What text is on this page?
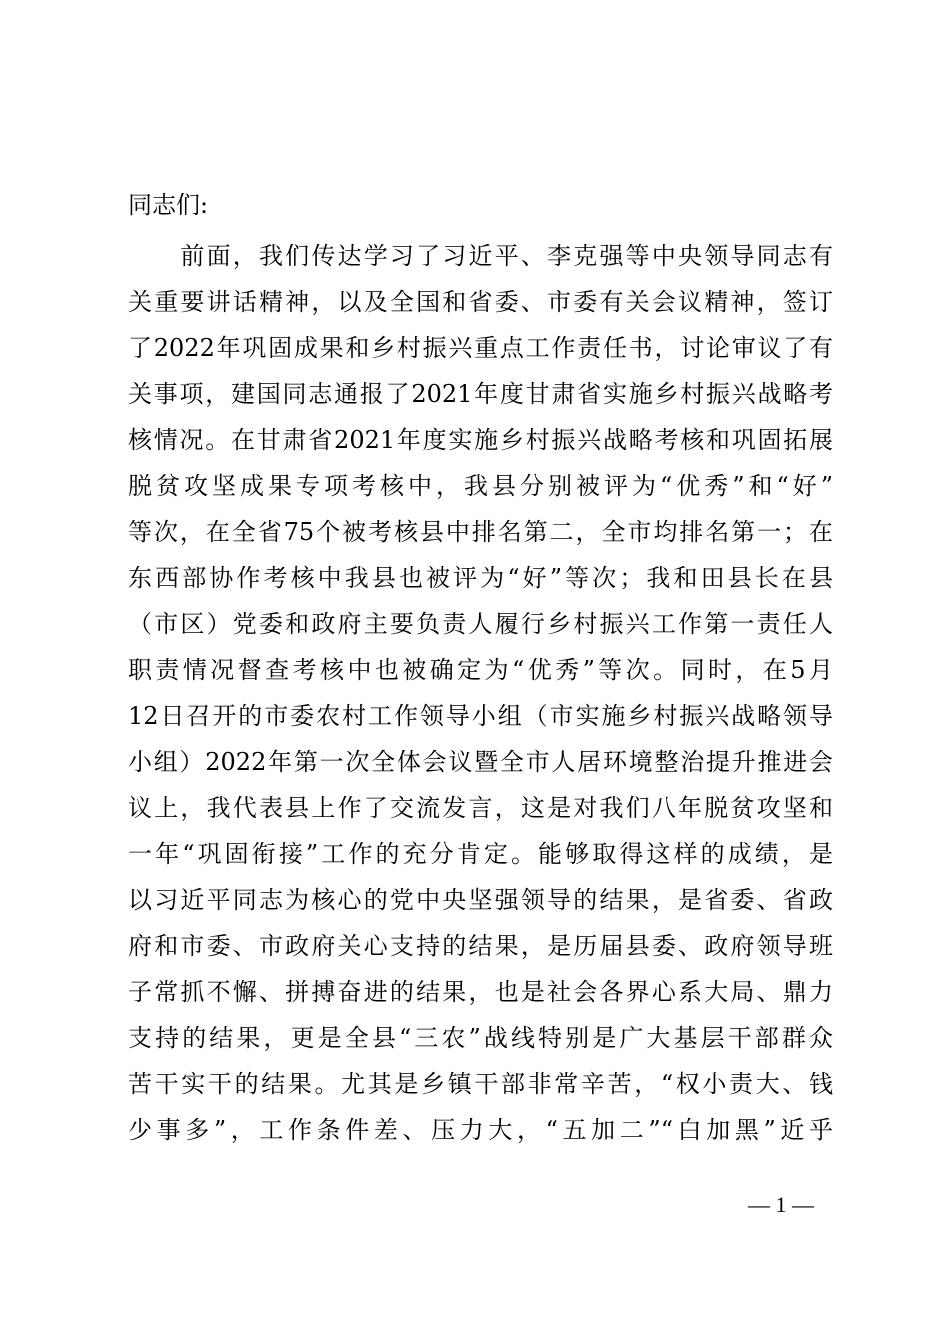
同志们:
　　前面，我们传达学习了习近平、李克强等中央领导同志有
关重要讲话精神，以及全国和省委、市委有关会议精神，签订
了2022年巩固成果和乡村振兴重点工作责任书，讨论审议了有
关事项，建国同志通报了2021年度甘肃省实施乡村振兴战略考
核情况。在甘肃省2021年度实施乡村振兴战略考核和巩固拓展
脱贫攻坚成果专项考核中，我县分别被评为“优秀”和“好”
等次，在全省75个被考核县中排名第二，全市均排名第一；在
东西部协作考核中我县也被评为“好”等次；我和田县长在县
（市区）党委和政府主要负责人履行乡村振兴工作第一责任人
职责情况督查考核中也被确定为“优秀”等次。同时，在5月
12日召开的市委农村工作领导小组（市实施乡村振兴战略领导
小组）2022年第一次全体会议暨全市人居环境整治提升推进会
议上，我代表县上作了交流发言，这是对我们八年脱贫攻坚和
一年“巩固衔接”工作的充分肯定。能够取得这样的成绩，是
以习近平同志为核心的党中央坚强领导的结果，是省委、省政
府和市委、市政府关心支持的结果，是历届县委、政府领导班
子常抓不懈、拼搏奋进的结果，也是社会各界心系大局、鼎力
支持的结果，更是全县“三农”战线特别是广大基层干部群众
苦干实干的结果。尤其是乡镇干部非常辛苦，“权小责大、钱
少事多”，工作条件差、压力大，“五加二”“白加黑”近乎
— 1 —
